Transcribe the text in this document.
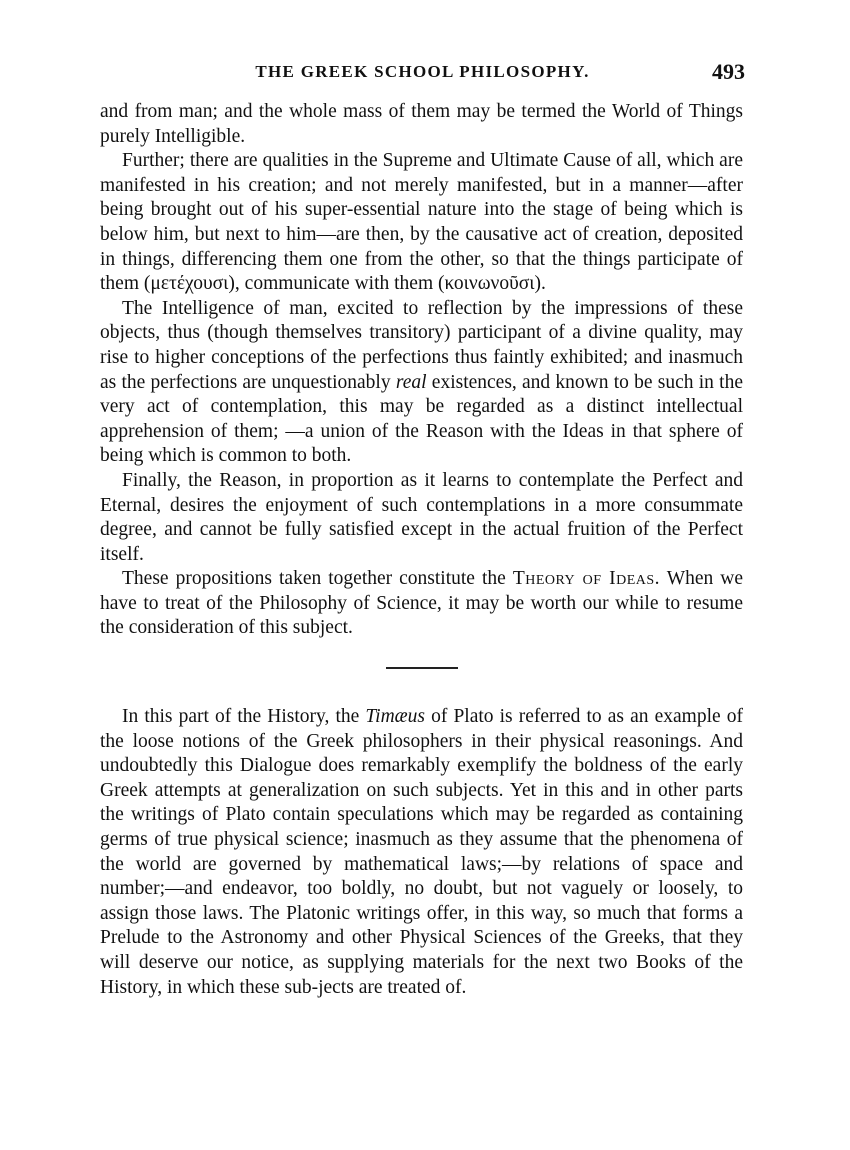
THE GREEK SCHOOL PHILOSOPHY.	493

and from man; and the whole mass of them may be termed the World of Things purely Intelligible.

Further; there are qualities in the Supreme and Ultimate Cause of all, which are manifested in his creation; and not merely manifested, but in a manner—after being brought out of his super-essential nature into the stage of being which is below him, but next to him—are then, by the causative act of creation, deposited in things, differencing them one from the other, so that the things participate of them (μετέχουσι), communicate with them (κοινωνοῦσι).

The Intelligence of man, excited to reflection by the impressions of these objects, thus (though themselves transitory) participant of a divine quality, may rise to higher conceptions of the perfections thus faintly exhibited; and inasmuch as the perfections are unquestionably real existences, and known to be such in the very act of contemplation, this may be regarded as a distinct intellectual apprehension of them; —a union of the Reason with the Ideas in that sphere of being which is common to both.

Finally, the Reason, in proportion as it learns to contemplate the Perfect and Eternal, desires the enjoyment of such contemplations in a more consummate degree, and cannot be fully satisfied except in the actual fruition of the Perfect itself.

These propositions taken together constitute the Theory of Ideas. When we have to treat of the Philosophy of Science, it may be worth our while to resume the consideration of this subject.

In this part of the History, the Timæus of Plato is referred to as an example of the loose notions of the Greek philosophers in their physical reasonings. And undoubtedly this Dialogue does remarkably exemplify the boldness of the early Greek attempts at generalization on such subjects. Yet in this and in other parts the writings of Plato contain speculations which may be regarded as containing germs of true physical science; inasmuch as they assume that the phenomena of the world are governed by mathematical laws;—by relations of space and number;—and endeavor, too boldly, no doubt, but not vaguely or loosely, to assign those laws. The Platonic writings offer, in this way, so much that forms a Prelude to the Astronomy and other Physical Sciences of the Greeks, that they will deserve our notice, as supplying materials for the next two Books of the History, in which these sub-jects are treated of.
